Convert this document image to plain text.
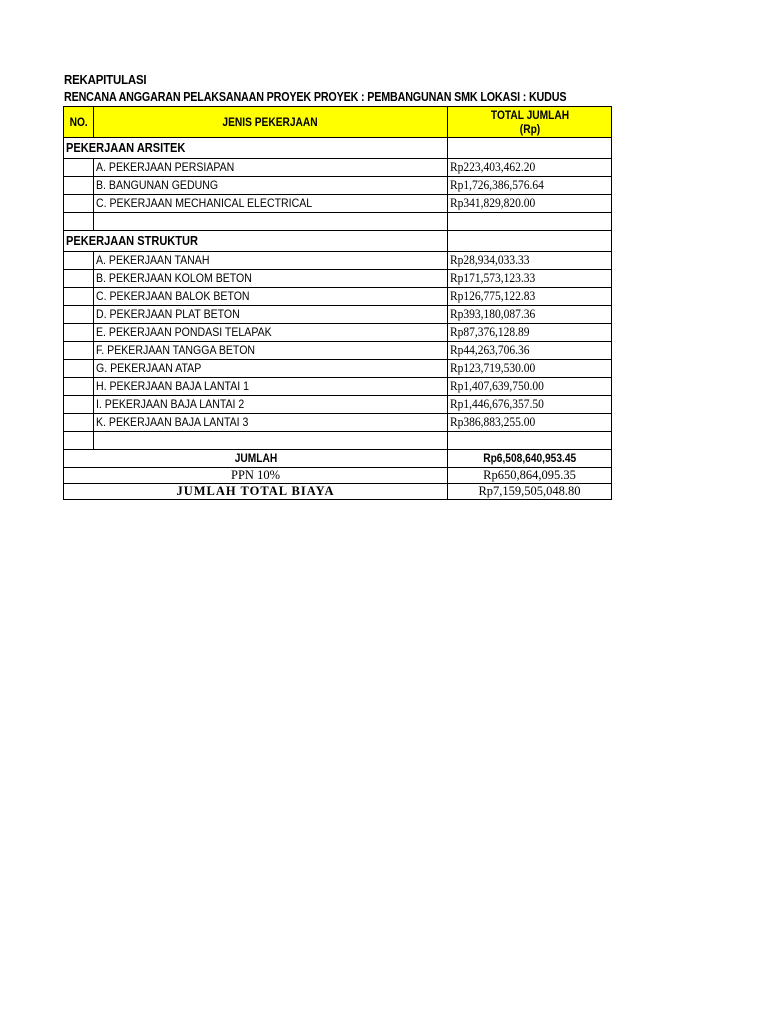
REKAPITULASI
RENCANA ANGGARAN PELAKSANAAN PROYEK PROYEK : PEMBANGUNAN SMK LOKASI : KUDUS
NO.	JENIS PEKERJAAN	TOTAL JUMLAH
(Rp)
PEKERJAAN ARSITEK		
	A. PEKERJAAN PERSIAPAN	Rp223,403,462.20
	B. BANGUNAN GEDUNG	Rp1,726,386,576.64
	C. PEKERJAAN MECHANICAL ELECTRICAL	Rp341,829,820.00

PEKERJAAN STRUKTUR		
	A. PEKERJAAN TANAH	Rp28,934,033.33
	B. PEKERJAAN KOLOM BETON	Rp171,573,123.33
	C. PEKERJAAN BALOK BETON	Rp126,775,122.83
	D. PEKERJAAN PLAT BETON	Rp393,180,087.36
	E. PEKERJAAN PONDASI TELAPAK	Rp87,376,128.89
	F. PEKERJAAN TANGGA BETON	Rp44,263,706.36
	G. PEKERJAAN ATAP	Rp123,719,530.00
	H. PEKERJAAN BAJA LANTAI 1	Rp1,407,639,750.00
	I. PEKERJAAN BAJA LANTAI 2	Rp1,446,676,357.50
	K. PEKERJAAN BAJA LANTAI 3	Rp386,883,255.00

JUMLAH		Rp6,508,640,953.45
PPN 10%		Rp650,864,095.35
JUMLAH TOTAL BIAYA		Rp7,159,505,048.80
